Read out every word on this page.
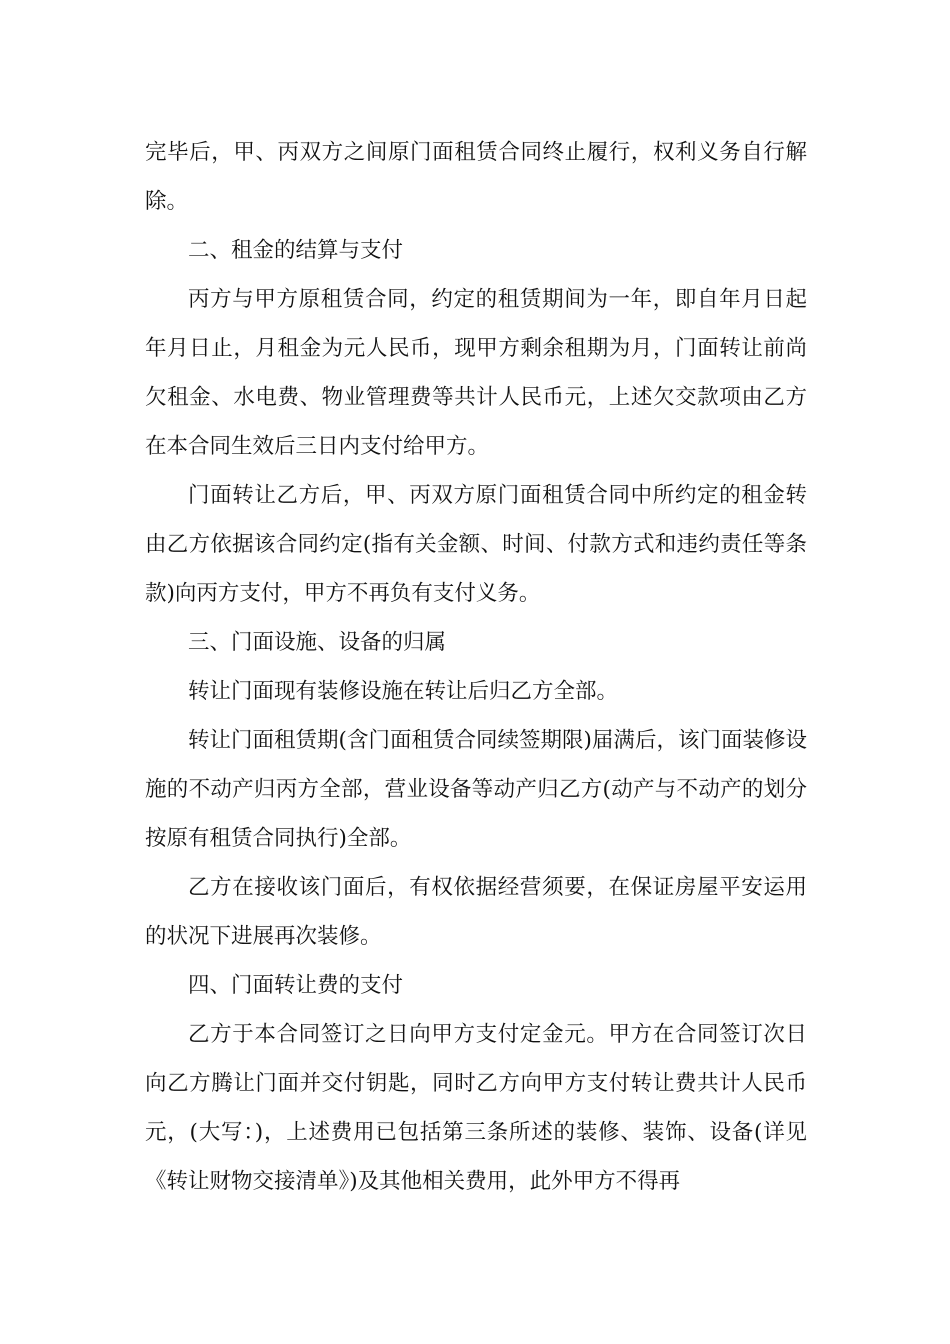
完毕后，甲、丙双方之间原门面租赁合同终止履行，权利义务自行解除。

二、租金的结算与支付

丙方与甲方原租赁合同，约定的租赁期间为一年，即自年月日起年月日止，月租金为元人民币，现甲方剩余租期为月，门面转让前尚欠租金、水电费、物业管理费等共计人民币元，上述欠交款项由乙方在本合同生效后三日内支付给甲方。

门面转让乙方后，甲、丙双方原门面租赁合同中所约定的租金转由乙方依据该合同约定(指有关金额、时间、付款方式和违约责任等条款)向丙方支付，甲方不再负有支付义务。

三、门面设施、设备的归属

转让门面现有装修设施在转让后归乙方全部。

转让门面租赁期(含门面租赁合同续签期限)届满后，该门面装修设施的不动产归丙方全部，营业设备等动产归乙方(动产与不动产的划分按原有租赁合同执行)全部。

乙方在接收该门面后，有权依据经营须要，在保证房屋平安运用的状况下进展再次装修。

四、门面转让费的支付

乙方于本合同签订之日向甲方支付定金元。甲方在合同签订次日向乙方腾让门面并交付钥匙，同时乙方向甲方支付转让费共计人民币元，(大写：)，上述费用已包括第三条所述的装修、装饰、设备(详见《转让财物交接清单》)及其他相关费用，此外甲方不得再
